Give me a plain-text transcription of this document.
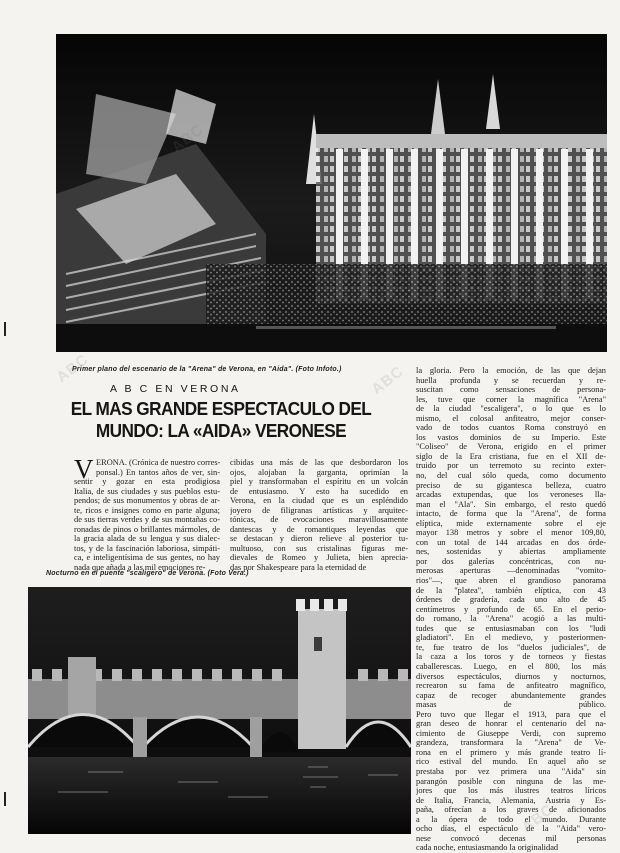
Primer plano del escenario de la "Arena" de Verona, en "Aida". (Foto Infoto.)
A B C EN VERONA
EL MAS GRANDE ESPECTACULO DEL MUNDO: LA «AIDA» VERONESE
V ERONA. (Crónica de nuestro corres-
ponsal.) En tantos años de ver, sin-
sentir y gozar en esta prodigiosa
Italia, de sus ciudades y sus pueblos estu-
pendos; de sus monumentos y obras de ar-
te, ricos e insignes como en parte alguna;
de sus tierras verdes y de sus montañas co-
ronadas de pinos o brillantes mármoles, de
la gracia alada de su lengua y sus dialec-
tos, y de la fascinación laboriosa, simpáti-
ca, e inteligentísima de sus gentes, no hay
nada que añada a las mil emociones re-
cibidas una más de las que desbordaron los
ojos, alojaban la garganta, oprimían la
piel y transformaban el espíritu en un volcán
de entusiasmo. Y esto ha sucedido en
Verona, en la ciudad que es un espléndido
joyero de filigranas artísticas y arquitec-
tónicas, de evocaciones maravillosamente
dantescas y de romantiques leyendas que
se destacan y dieron relieve al posterior tu-
multuoso, con sus cristalinas figuras me-
dievales de Romeo y Julieta, bien aprecia-
das por Shakespeare para la eternidad de
la gloria. Pero la emoción, de las que dejan
huella profunda y se recuerdan y re-
suscitan como sensaciones de persona-
les, tuve que corner la magnífica "Arena"
de la ciudad "escaligera", o lo que es lo
mismo, el colosal anfiteatro, mejor conser-
vado de todos cuantos Roma construyó en
los vastos dominios de su Imperio. Este
"Coliseo" de Verona, erigido en el primer
siglo de la Era cristiana, fue en el XII de-
truido por un terremoto su recinto exter-
no, del cual sólo queda, como documento
preciso de su gigantesca belleza, cuatro
arcadas extupendas, que los veroneses lla-
man el "Ala". Sin embargo, el resto quedó
intacto, de forma que la "Arena", de forma
elíptica, mide externamente sobre el eje
mayor 138 metros y sobre el menor 109,80,
con un total de 144 arcadas en dos órde-
nes, sostenidas y abiertas ampliamente
por dos galerías concéntricas, con nu-
merosas aperturas —denominadas "vomito-
rios"—, que abren el grandioso panorama
de la "platea", también elíptica, con 43
órdenes de gradería, cada uno alto de 45
centímetros y profundo de 65. En el perio-
do romano, la "Arena" acogió a las multi-
tudes que se entusiasmaban con los "ludi
gladiatori". En el medievo, y posteriormen-
te, fue teatro de los "duelos judiciales", de
la caza a los toros y de torneos y fiestas
caballerescas. Luego, en el 800, los más
diversos espectáculos, diurnos y nocturnos,
recrearon su fama de anfiteatro magnífico,
capaz de recoger abundantemente grandes
masas de público.
Pero tuvo que llegar el 1913, para que el
gran deseo de honrar el centenario del na-
cimiento de Giuseppe Verdi, con supremo
grandeza, transformara la "Arena" de Ve-
rona en el primero y más grande teatro lí-
rico estival del mundo. En aquel año se
prestaba por vez primera una "Aida" sin
parangón posible con ninguna de las me-
jores que los más ilustres teatros líricos
de Italia, Francia, Alemania, Austria y Es-
paña, ofrecían a los graves de aficionados
a la ópera de todo el mundo. Durante
ocho días, el espectáculo de la "Aida" vero-
nese convocó decenas mil personas
cada noche, entusiasmando la originalidad
Nocturno en el puente "scaligero" de Verona. (Foto Vera.)
ABC	ABC
ABC
